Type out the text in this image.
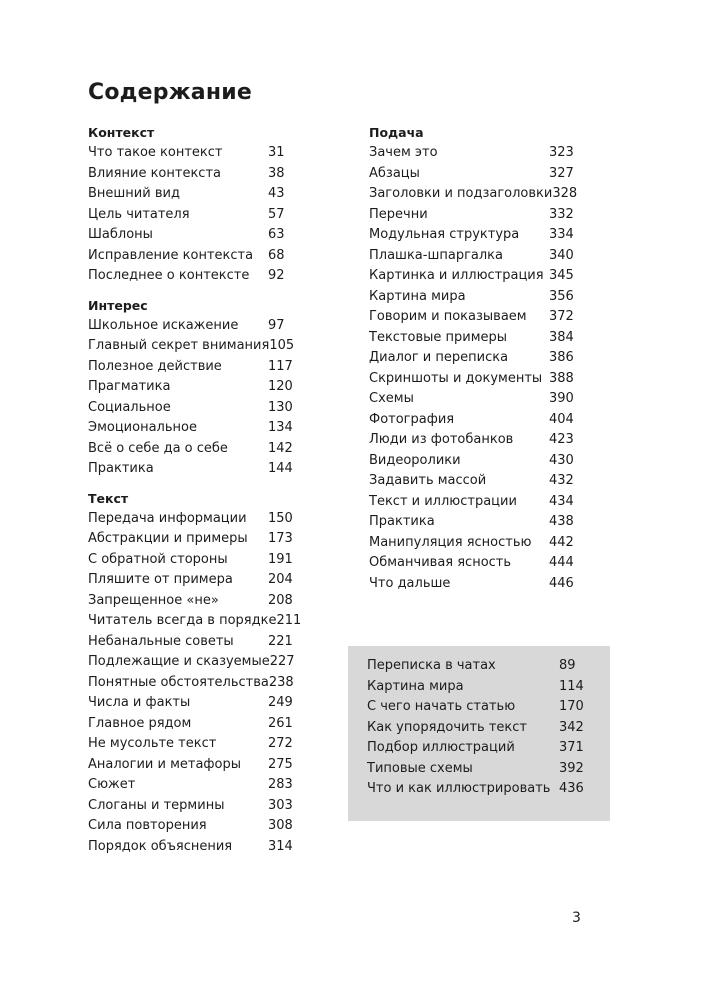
Содержание
Контекст
Что такое контекст	31
Влияние контекста	38
Внешний вид	43
Цель читателя	57
Шаблоны	63
Исправление контекста 68
Последнее о контексте 92
Интерес
Школьное искажение 97
Главный секрет внимания 105
Полезное действие	117
Прагматика	120
Социальное	130
Эмоциональное	134
Всё о себе да о себе	142
Практика	144
Текст
Передача информации 150
Абстракции и примеры 173
С обратной стороны	191
Пляшите от примера	204
Запрещенное «не»	208
Читатель всегда в порядке 211
Небанальные советы	221
Подлежащие и сказуемые 227
Понятные обстоятельства 238
Числа и факты	249
Главное рядом	261
Не мусольте текст	272
Аналогии и метафоры 275
Сюжет	283
Слоганы и термины	303
Сила повторения	308
Порядок объяснения	314
Подача
Зачем это	323
Абзацы	327
Заголовки и подзаголовки 328
Перечни	332
Модульная структура 334
Плашка-шпаргалка	340
Картинка и иллюстрация 345
Картина мира	356
Говорим и показываем 372
Текстовые примеры	384
Диалог и переписка	386
Скриншоты и документы 388
Схемы	390
Фотография	404
Люди из фотобанков	423
Видеоролики	430
Задавить массой	432
Текст и иллюстрации 434
Практика	438
Манипуляция ясностью 442
Обманчивая ясность	444
Что дальше	446
Переписка в чатах	89
Картина мира	114
С чего начать статью	170
Как упорядочить текст 342
Подбор иллюстраций	371
Типовые схемы	392
Что и как иллюстрировать 436
3
